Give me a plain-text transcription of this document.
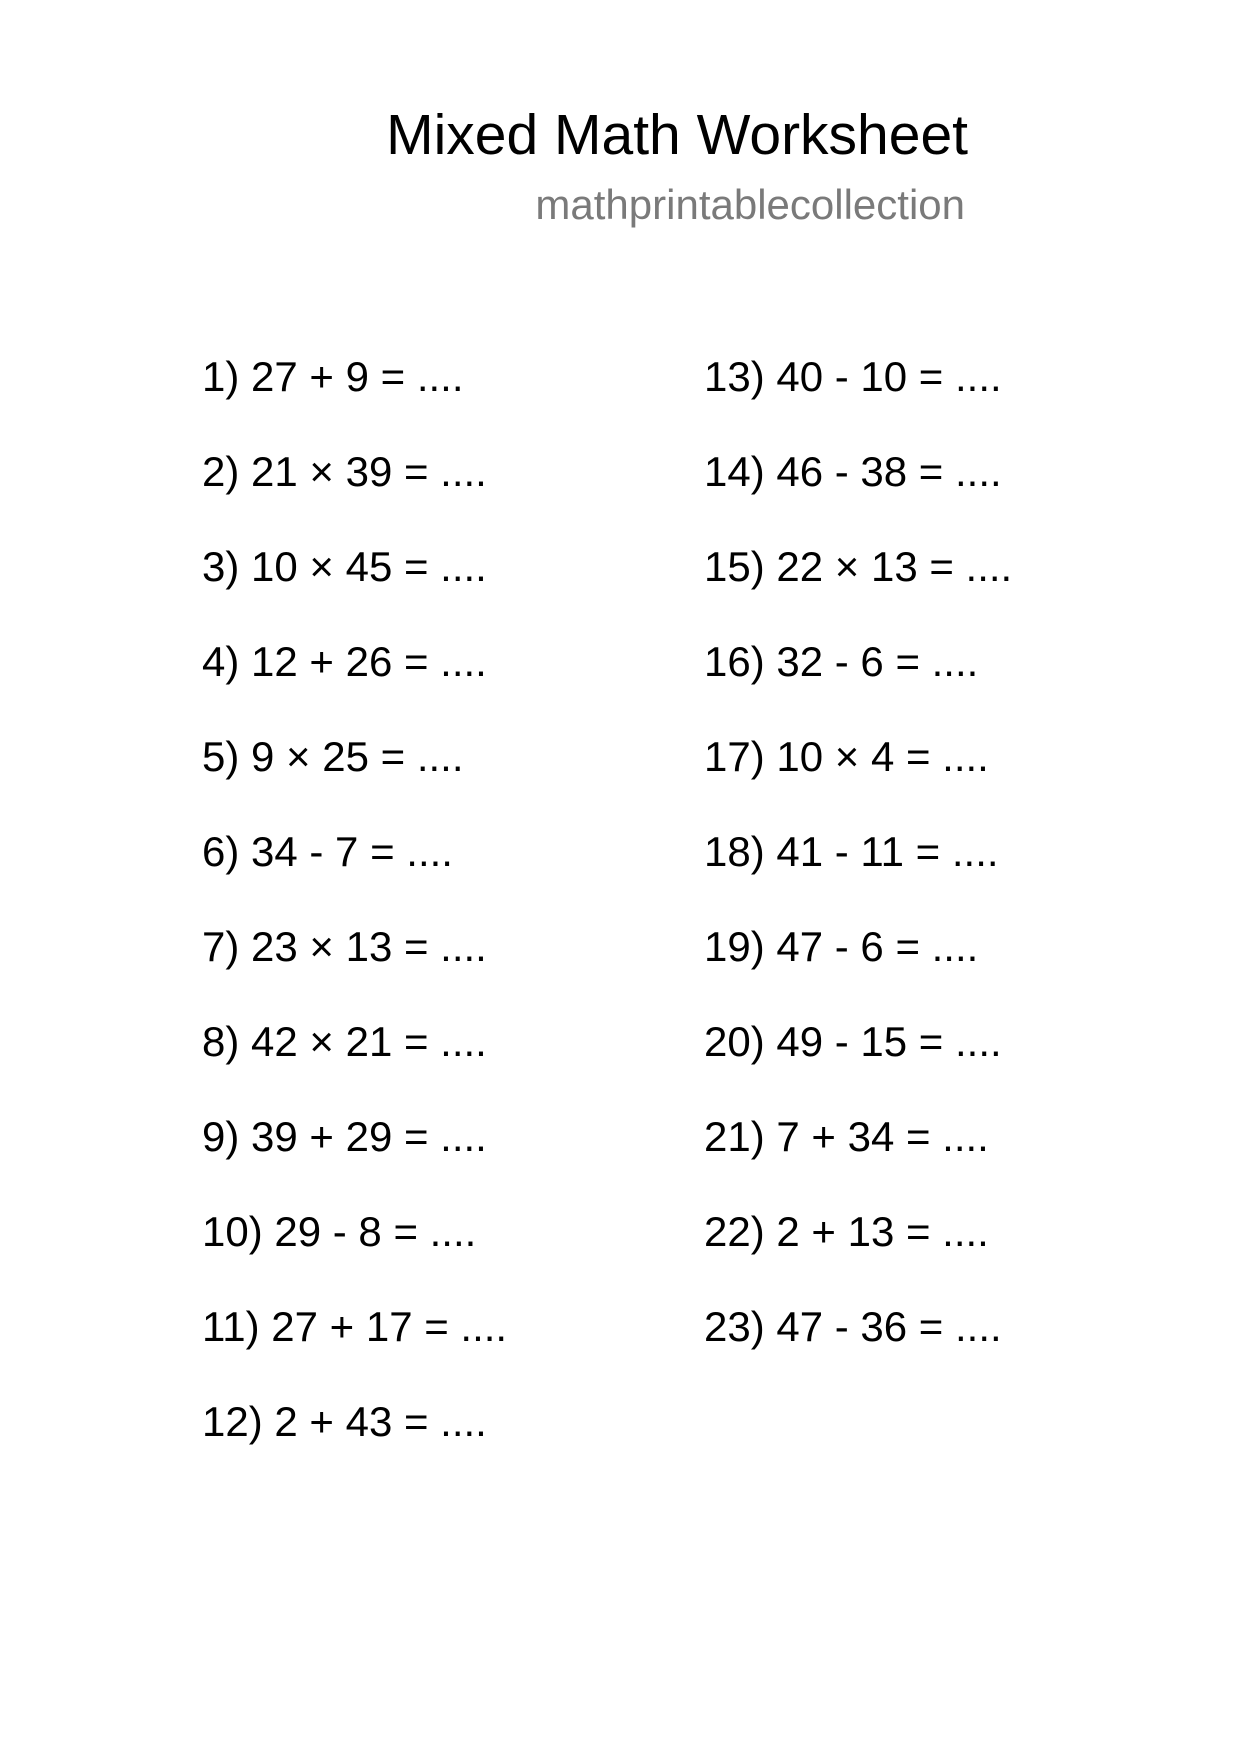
Mixed Math Worksheet
mathprintablecollection
1) 27 + 9 = ....
2) 21 × 39 = ....
3) 10 × 45 = ....
4) 12 + 26 = ....
5) 9 × 25 = ....
6) 34 - 7 = ....
7) 23 × 13 = ....
8) 42 × 21 = ....
9) 39 + 29 = ....
10) 29 - 8 = ....
11) 27 + 17 = ....
12) 2 + 43 = ....
13) 40 - 10 = ....
14) 46 - 38 = ....
15) 22 × 13 = ....
16) 32 - 6 = ....
17) 10 × 4 = ....
18) 41 - 11 = ....
19) 47 - 6 = ....
20) 49 - 15 = ....
21) 7 + 34 = ....
22) 2 + 13 = ....
23) 47 - 36 = ....
